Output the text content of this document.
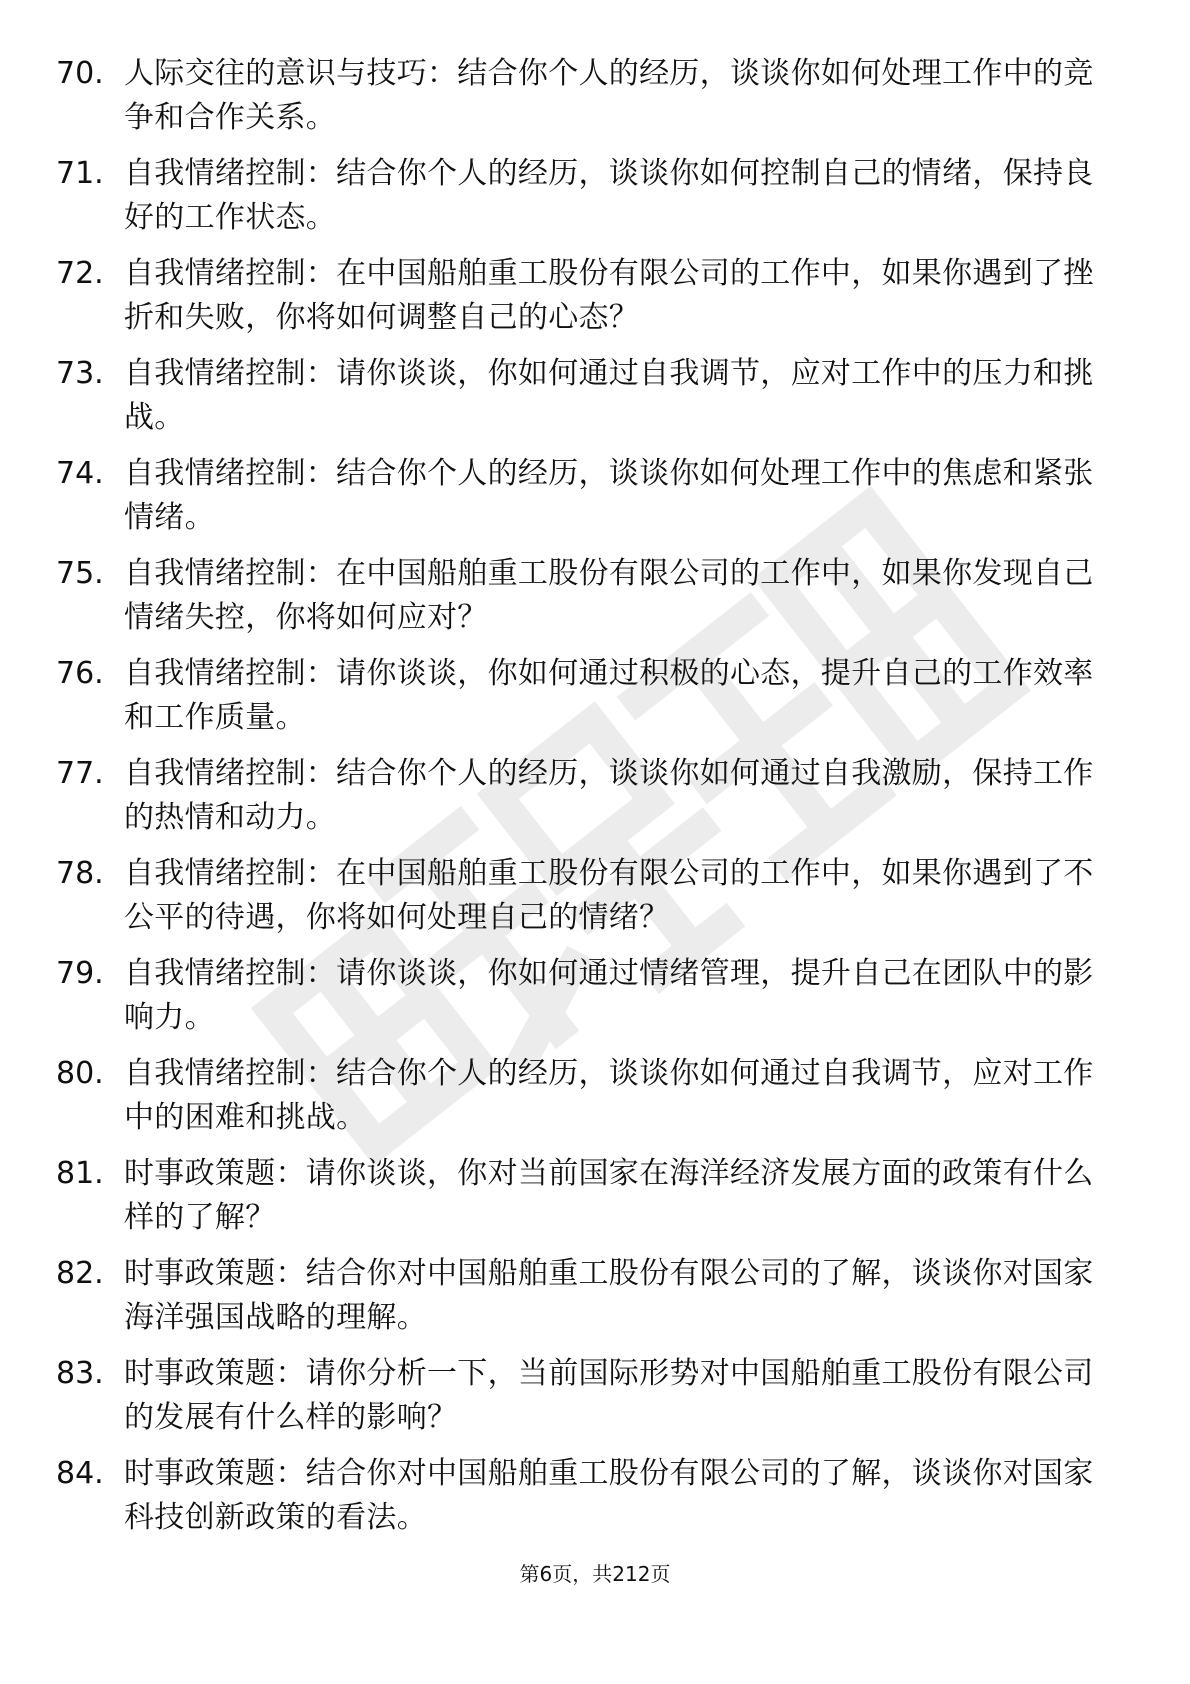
70. 人际交往的意识与技巧：结合你个人的经历，谈谈你如何处理工作中的竞争和合作关系。
71. 自我情绪控制：结合你个人的经历，谈谈你如何控制自己的情绪，保持良好的工作状态。
72. 自我情绪控制：在中国船舶重工股份有限公司的工作中，如果你遇到了挫折和失败，你将如何调整自己的心态？
73. 自我情绪控制：请你谈谈，你如何通过自我调节，应对工作中的压力和挑战。
74. 自我情绪控制：结合你个人的经历，谈谈你如何处理工作中的焦虑和紧张情绪。
75. 自我情绪控制：在中国船舶重工股份有限公司的工作中，如果你发现自己情绪失控，你将如何应对？
76. 自我情绪控制：请你谈谈，你如何通过积极的心态，提升自己的工作效率和工作质量。
77. 自我情绪控制：结合你个人的经历，谈谈你如何通过自我激励，保持工作的热情和动力。
78. 自我情绪控制：在中国船舶重工股份有限公司的工作中，如果你遇到了不公平的待遇，你将如何处理自己的情绪？
79. 自我情绪控制：请你谈谈，你如何通过情绪管理，提升自己在团队中的影响力。
80. 自我情绪控制：结合你个人的经历，谈谈你如何通过自我调节，应对工作中的困难和挑战。
81. 时事政策题：请你谈谈，你对当前国家在海洋经济发展方面的政策有什么样的了解？
82. 时事政策题：结合你对中国船舶重工股份有限公司的了解，谈谈你对国家海洋强国战略的理解。
83. 时事政策题：请你分析一下，当前国际形势对中国船舶重工股份有限公司的发展有什么样的影响？
84. 时事政策题：结合你对中国船舶重工股份有限公司的了解，谈谈你对国家科技创新政策的看法。
第6页，共212页
